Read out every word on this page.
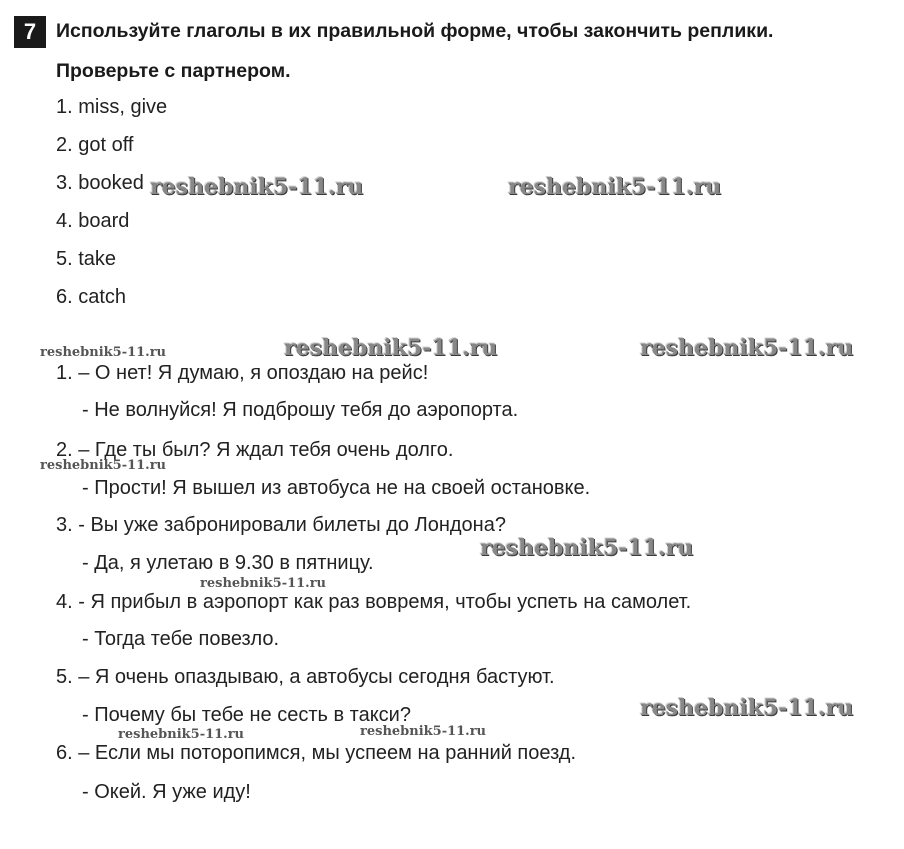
7	Используйте глаголы в их правильной форме, чтобы закончить реплики.
Проверьте с партнером.
1. miss, give
2. got off
3. booked
4. board
5. take
6. catch
1. – О нет! Я думаю, я опоздаю на рейс!
- Не волнуйся! Я подброшу тебя до аэропорта.
2. – Где ты был? Я ждал тебя очень долго.
- Прости! Я вышел из автобуса не на своей остановке.
3. - Вы уже забронировали билеты до Лондона?
- Да, я улетаю в 9.30 в пятницу.
4. - Я прибыл в аэропорт как раз вовремя, чтобы успеть на самолет.
- Тогда тебе повезло.
5. – Я очень опаздываю, а автобусы сегодня бастуют.
- Почему бы тебе не сесть в такси?
6. – Если мы поторопимся, мы успеем на ранний поезд.
- Окей. Я уже иду!
reshebnik5-11.ru	reshebnik5-11.ru
reshebnik5-11.ru	reshebnik5-11.ru	reshebnik5-11.ru
reshebnik5-11.ru
reshebnik5-11.ru
reshebnik5-11.ru
reshebnik5-11.ru
reshebnik5-11.ru	reshebnik5-11.ru
